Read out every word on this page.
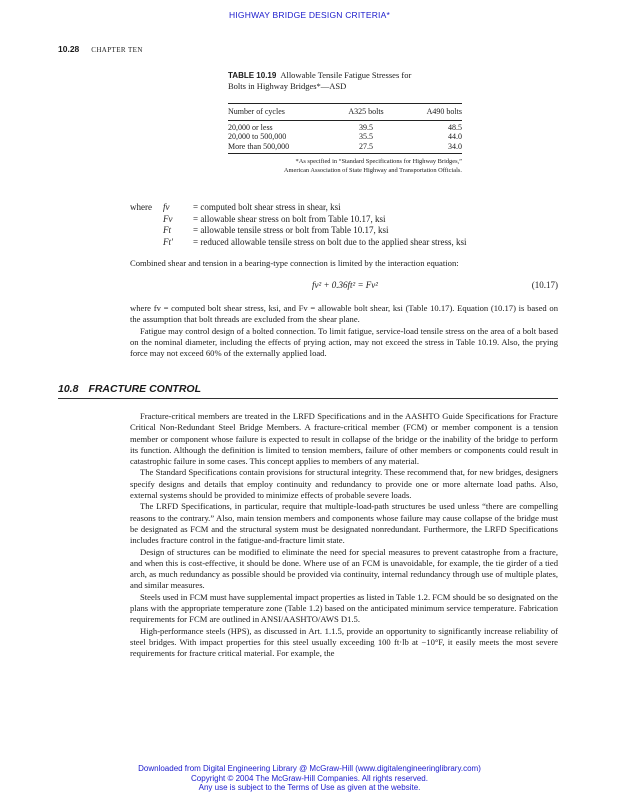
HIGHWAY BRIDGE DESIGN CRITERIA*
10.28 CHAPTER TEN
TABLE 10.19 Allowable Tensile Fatigue Stresses for
Bolts in Highway Bridges*—ASD
Number of cycles	A325 bolts	A490 bolts
20,000 or less	39.5	48.5
20,000 to 500,000	35.5	44.0
More than 500,000	27.5	34.0
*As specified in “Standard Specifications for Highway Bridges,”
American Association of State Highway and Transportation Officials.
where	fv	= computed bolt shear stress in shear, ksi
Fv	= allowable shear stress on bolt from Table 10.17, ksi
Ft	= allowable tensile stress or bolt from Table 10.17, ksi
Ft′	= reduced allowable tensile stress on bolt due to the applied shear stress, ksi

Combined shear and tension in a bearing-type connection is limited by the interaction equation:

fv² + 0.36ft² = Fv²	(10.17)

where fv = computed bolt shear stress, ksi, and Fv = allowable bolt shear, ksi (Table 10.17). Equation (10.17) is based on the assumption that bolt threads are excluded from the shear plane.

Fatigue may control design of a bolted connection. To limit fatigue, service-load tensile stress on the area of a bolt based on the nominal diameter, including the effects of prying action, may not exceed the stress in Table 10.19. Also, the prying force may not exceed 60% of the externally applied load.

10.8 FRACTURE CONTROL

Fracture-critical members are treated in the LRFD Specifications and in the AASHTO Guide Specifications for Fracture Critical Non-Redundant Steel Bridge Members. A fracture-critical member (FCM) or member component is a tension member or component whose failure is expected to result in collapse of the bridge or the inability of the bridge to perform its function. Although the definition is limited to tension members, failure of other members or components could result in catastrophic failure in some cases. This concept applies to members of any material.

The Standard Specifications contain provisions for structural integrity. These recommend that, for new bridges, designers specify designs and details that employ continuity and redundancy to provide one or more alternate load paths. Also, external systems should be provided to minimize effects of probable severe loads.

The LRFD Specifications, in particular, require that multiple-load-path structures be used unless “there are compelling reasons to the contrary.” Also, main tension members and components whose failure may cause collapse of the bridge must be designated as FCM and the structural system must be designated nonredundant. Furthermore, the LRFD Specifications includes fracture control in the fatigue-and-fracture limit state.

Design of structures can be modified to eliminate the need for special measures to prevent catastrophe from a fracture, and when this is cost-effective, it should be done. Where use of an FCM is unavoidable, for example, the tie girder of a tied arch, as much redundancy as possible should be provided via continuity, internal redundancy through use of multiple plates, and similar measures.

Steels used in FCM must have supplemental impact properties as listed in Table 1.2. FCM should be so designated on the plans with the appropriate temperature zone (Table 1.2) based on the anticipated minimum service temperature. Fabrication requirements for FCM are outlined in ANSI/AASHTO/AWS D1.5.

High-performance steels (HPS), as discussed in Art. 1.1.5, provide an opportunity to significantly increase reliability of steel bridges. With impact properties for this steel usually exceeding 100 ft·lb at −10°F, it easily meets the most severe requirements for fracture critical material. For example, the

Downloaded from Digital Engineering Library @ McGraw-Hill (www.digitalengineeringlibrary.com)
Copyright © 2004 The McGraw-Hill Companies. All rights reserved.
Any use is subject to the Terms of Use as given at the website.
